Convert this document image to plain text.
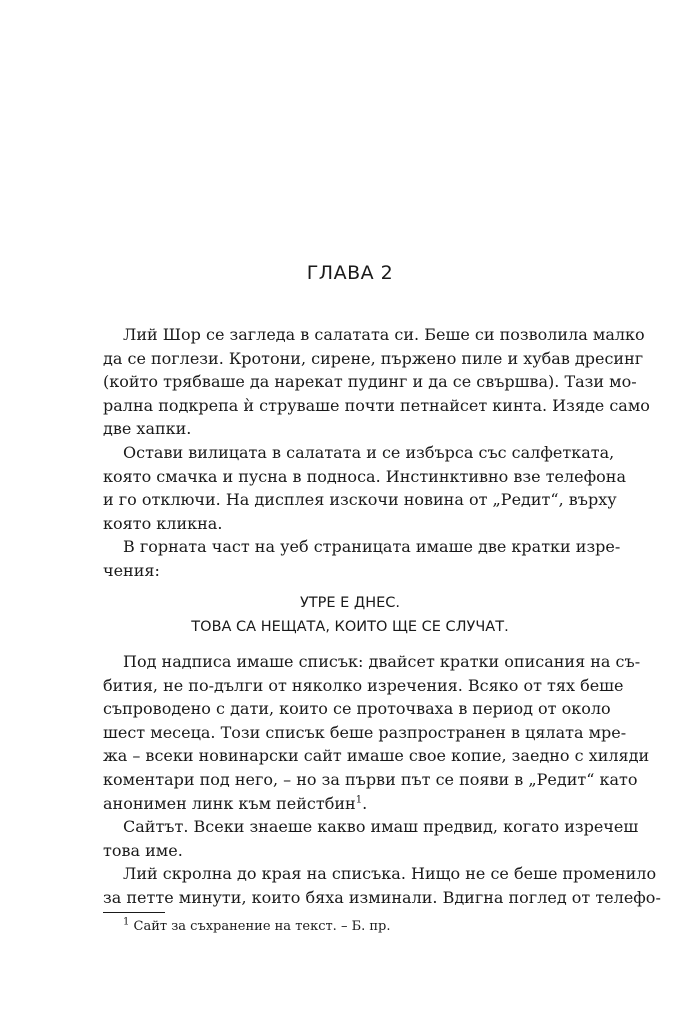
ГЛАВА 2
Лий Шор се загледа в салатата си. Беше си позволила малко
да се поглези. Кротони, сирене, пържено пиле и хубав дресинг
(който трябваше да нарекат пудинг и да се свършва). Тази мо-
рална подкрепа ѝ струваше почти петнайсет кинта. Изяде само
две хапки.
Остави вилицата в салатата и се избърса със салфетката,
която смачка и пусна в подноса. Инстинктивно взе телефона
и го отключи. На дисплея изскочи новина от „Редит“, върху
която кликна.
В горната част на уеб страницата имаше две кратки изре-
чения:
УТРЕ Е ДНЕС.
ТОВА СА НЕЩАТА, КОИТО ЩЕ СЕ СЛУЧАТ.
Под надписа имаше списък: двайсет кратки описания на съ-
бития, не по-дълги от няколко изречения. Всяко от тях беше
съпроводено с дати, които се проточваха в период от около
шест месеца. Този списък беше разпространен в цялата мре-
жа – всеки новинарски сайт имаше свое копие, заедно с хиляди
коментари под него, – но за първи път се появи в „Редит“ като
анонимен линк към пейстбин$^1$.
Сайтът. Всеки знаеше какво имаш предвид, когато изречеш
това име.
Лий скролна до края на списъка. Нищо не се беше променило
за петте минути, които бяха изминали. Вдигна поглед от телефо-
$^1$ Сайт за съхранение на текст. – Б. пр.
